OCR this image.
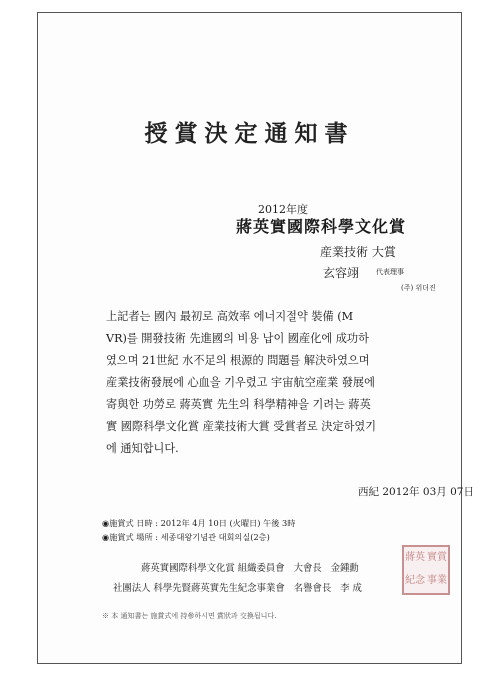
授賞決定通知書
2012年度
蔣英實國際科學文化賞
産業技術 大賞
玄容翊 代表理事
(주) 위더진
上記者는 國內 最初로 高效率 에너지절약 裝備 (M
VR)를 開發技術 先進國의 비용 납이 國産化에 成功하
였으며 21世紀 水不足의 根源的 問題를 解決하였으며
産業技術發展에 心血을 기우렸고 宇宙航空産業 發展에
寄與한 功勞로 蔣英實 先生의 科學精神을 기려는 蔣英
實 國際科學文化賞 産業技術大賞 受賞者로 決定하였기
에 通知합니다.
西紀 2012年 03月 07日
◉施賞式 日時 : 2012年 4月 10日 (火曜日) 午後 3時
◉施賞式 場所 : 세종대왕기념관 대회의실(2층)
蔣英實國際科學文化賞 組織委員會 大會長 金鍾勳
社團法人 科學先賢蔣英實先生紀念事業會 名譽會長 李 成
蔣英 實賞
紀念 事業
※ 本 通知書는 施賞式에 持參하시면 賞狀과 交換됩니다.
